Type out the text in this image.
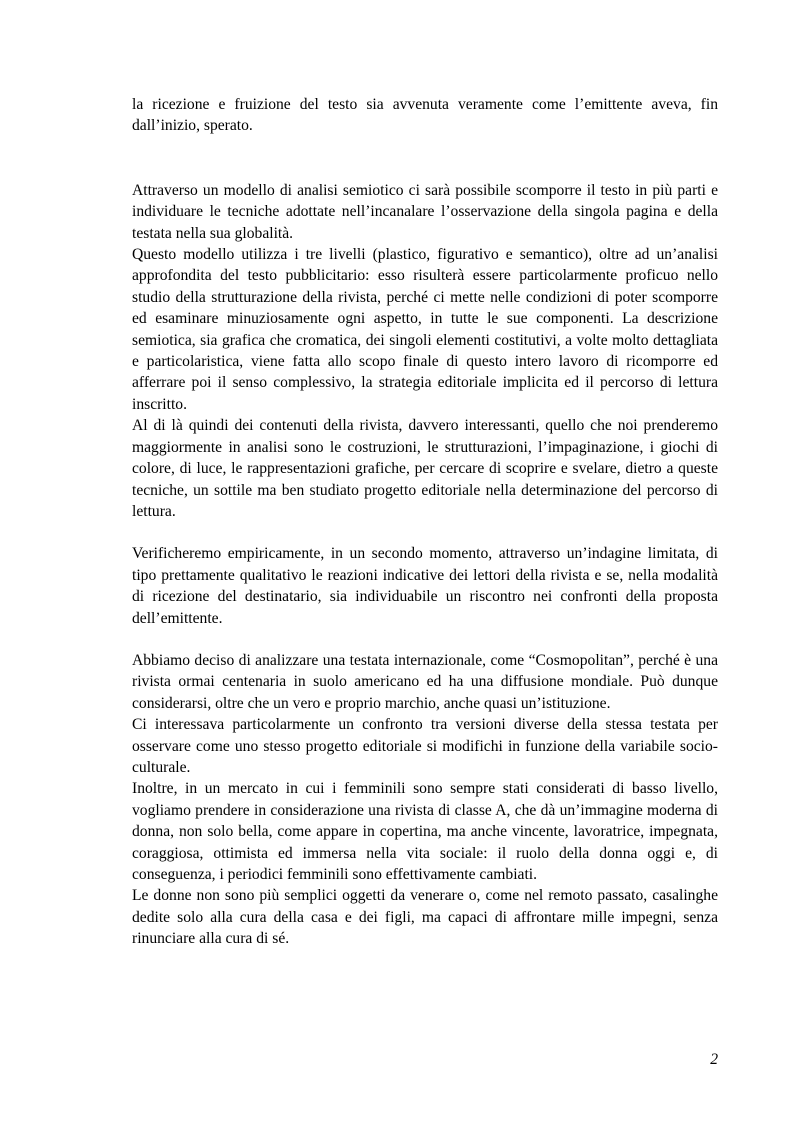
la ricezione e fruizione del testo sia avvenuta veramente come l’emittente aveva, fin dall’inizio, sperato.

Attraverso un modello di analisi semiotico ci sarà possibile scomporre il testo in più parti e individuare le tecniche adottate nell’incanalare l’osservazione della singola pagina e della testata nella sua globalità.

Questo modello utilizza i tre livelli (plastico, figurativo e semantico), oltre ad un’analisi approfondita del testo pubblicitario: esso risulterà essere particolarmente proficuo nello studio della strutturazione della rivista, perché ci mette nelle condizioni di poter scomporre ed esaminare minuziosamente ogni aspetto, in tutte le sue componenti. La descrizione semiotica, sia grafica che cromatica, dei singoli elementi costitutivi, a volte molto dettagliata e particolaristica, viene fatta allo scopo finale di questo intero lavoro di ricomporre ed afferrare poi il senso complessivo, la strategia editoriale implicita ed il percorso di lettura inscritto.

Al di là quindi dei contenuti della rivista, davvero interessanti, quello che noi prenderemo maggiormente in analisi sono le costruzioni, le strutturazioni, l’impaginazione, i giochi di colore, di luce, le rappresentazioni grafiche, per cercare di scoprire e svelare, dietro a queste tecniche, un sottile ma ben studiato progetto editoriale nella determinazione del percorso di lettura.

Verificheremo empiricamente, in un secondo momento, attraverso un’indagine limitata, di tipo prettamente qualitativo le reazioni indicative dei lettori della rivista e se, nella modalità di ricezione del destinatario, sia individuabile un riscontro nei confronti della proposta dell’emittente.

Abbiamo deciso di analizzare una testata internazionale, come “Cosmopolitan”, perché è una rivista ormai centenaria in suolo americano ed ha una diffusione mondiale. Può dunque considerarsi, oltre che un vero e proprio marchio, anche quasi un’istituzione.

Ci interessava particolarmente un confronto tra versioni diverse della stessa testata per osservare come uno stesso progetto editoriale si modifichi in funzione della variabile socio-culturale.

Inoltre, in un mercato in cui i femminili sono sempre stati considerati di basso livello, vogliamo prendere in considerazione una rivista di classe A, che dà un’immagine moderna di donna, non solo bella, come appare in copertina, ma anche vincente, lavoratrice, impegnata, coraggiosa, ottimista ed immersa nella vita sociale: il ruolo della donna oggi e, di conseguenza, i periodici femminili sono effettivamente cambiati.

Le donne non sono più semplici oggetti da venerare o, come nel remoto passato, casalinghe dedite solo alla cura della casa e dei figli, ma capaci di affrontare mille impegni, senza rinunciare alla cura di sé.

2
